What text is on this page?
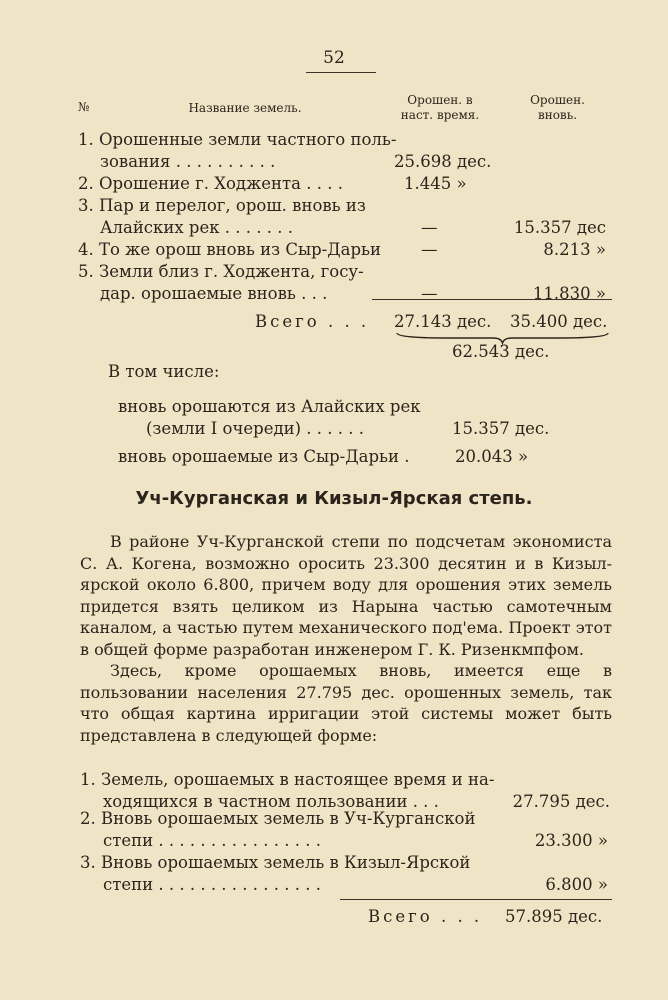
52
№	Название земель.
Орошен. в наст. время.
Орошен. вновь.
1. Орошенные земли частного поль-
зования . . . . . . . . . .	25.698 дес.
2. Орошение г. Ходжента . . . .	1.445 »
3. Пар и перелог, орош. вновь из
Алайских рек . . . . . . .	—	15.357 дес
4. То же орош вновь из Сыр-Дарьи —	8.213 »
5. Земли близ г. Ходжента, госу-
дар. орошаемые вновь . . .	—	11.830 »
Всего . . . 27.143 дес. 35.400 дес.
62.543 дес.
В том числе:
вновь орошаются из Алайских рек
(земли I очереди) . . . . . .	15.357 дес.
вновь орошаемые из Сыр-Дарьи .	20.043 »
Уч-Курганская и Кизыл-Ярская степь.
В районе Уч-Курганской степи по подсчетам экономиста С. А. Когена, возможно оросить 23.300 десятин и в Кизыл-ярской около 6.800, причем воду для орошения этих земель придется взять целиком из Нарына частью самотечным каналом, а частью путем механического под'ема. Проект этот в общей форме разработан инженером Г. К. Ризенкмпфом.
Здесь, кроме орошаемых вновь, имеется еще в пользовании населения 27.795 дес. орошенных земель, так что общая картина ирригации этой системы может быть представлена в следующей форме:
1. Земель, орошаемых в настоящее время и на-
ходящихся в частном пользовании . . .	27.795 дес.
2. Вновь орошаемых земель в Уч-Курганской
степи . . . . . . . . . . . . . . . .	23.300 »
3. Вновь орошаемых земель в Кизыл-Ярской
степи . . . . . . . . . . . . . . . .	6.800 »
Всего . . . 57.895 дес.
